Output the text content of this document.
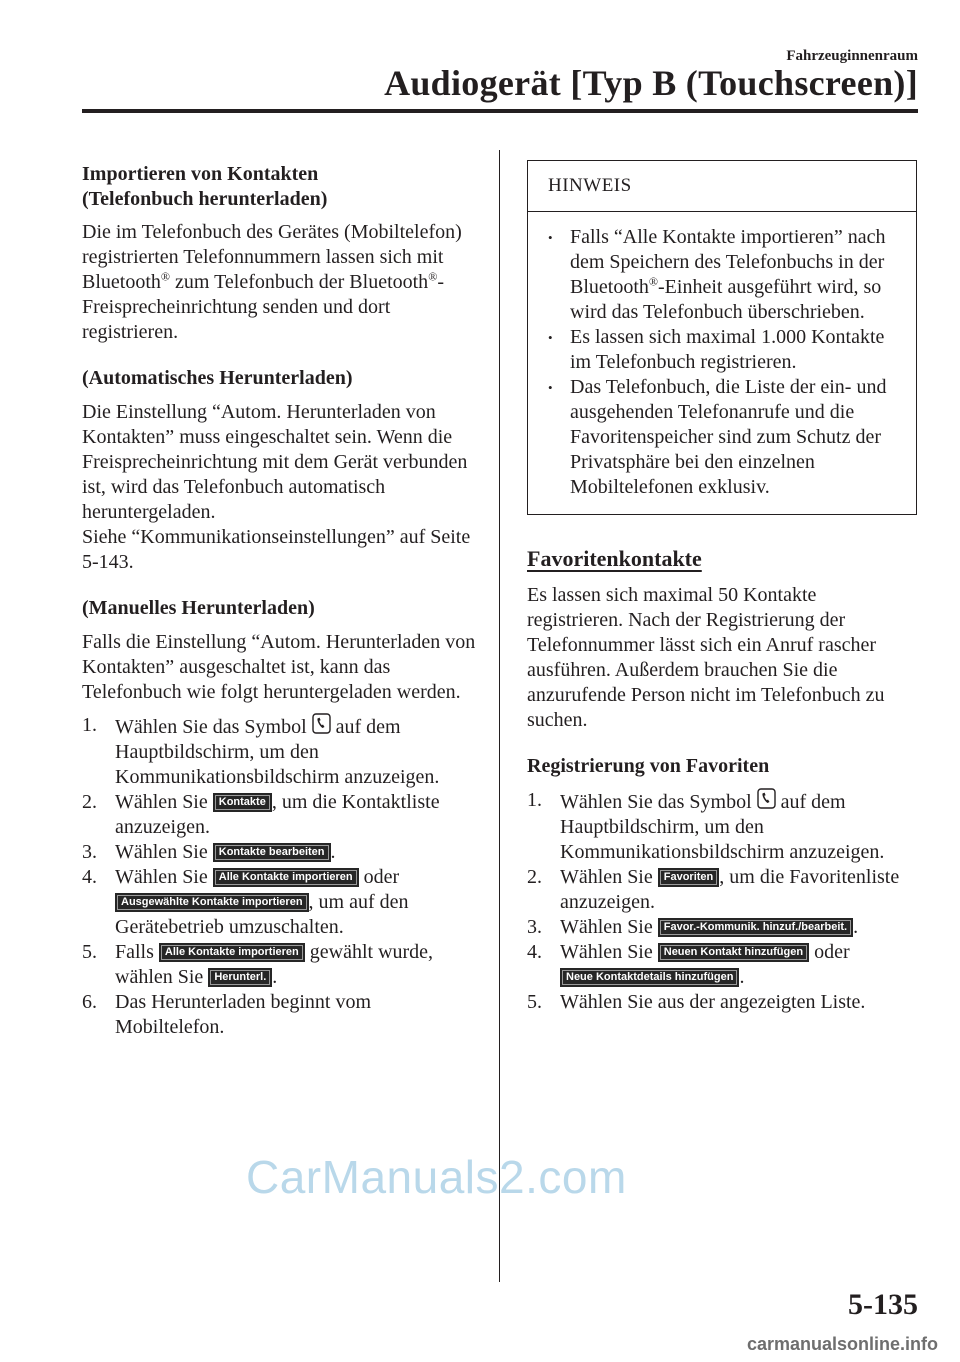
Fahrzeuginnenraum
Audiogerät [Typ B (Touchscreen)]
Importieren von Kontakten
(Telefonbuch herunterladen)

Die im Telefonbuch des Gerätes (Mobiltelefon) registrierten Telefonnummern lassen sich mit Bluetooth® zum Telefonbuch der Bluetooth®-Freisprecheinrichtung senden und dort registrieren.

(Automatisches Herunterladen)

Die Einstellung “Autom. Herunterladen von Kontakten” muss eingeschaltet sein. Wenn die Freisprecheinrichtung mit dem Gerät verbunden ist, wird das Telefonbuch automatisch heruntergeladen.

Siehe “Kommunikationseinstellungen” auf Seite 5-143.

(Manuelles Herunterladen)

Falls die Einstellung “Autom. Herunterladen von Kontakten” ausgeschaltet ist, kann das Telefonbuch wie folgt heruntergeladen werden.

1. Wählen Sie das Symbol  auf dem Hauptbildschirm, um den Kommunikationsbildschirm anzuzeigen.
2. Wählen Sie Kontakte , um die Kontaktliste anzuzeigen.
3. Wählen Sie Kontakte bearbeiten .
4. Wählen Sie Alle Kontakte importieren oder Ausgewählte Kontakte importieren , um auf den Gerätebetrieb umzuschalten.
5. Falls Alle Kontakte importieren gewählt wurde, wählen Sie Herunterl. .
6. Das Herunterladen beginnt vom Mobiltelefon.
HINWEIS
• Falls “Alle Kontakte importieren” nach dem Speichern des Telefonbuchs in der Bluetooth®-Einheit ausgeführt wird, so wird das Telefonbuch überschrieben.
• Es lassen sich maximal 1.000 Kontakte im Telefonbuch registrieren.
• Das Telefonbuch, die Liste der ein- und ausgehenden Telefonanrufe und die Favoritenspeicher sind zum Schutz der Privatsphäre bei den einzelnen Mobiltelefonen exklusiv.
Favoritenkontakte

Es lassen sich maximal 50 Kontakte registrieren. Nach der Registrierung der Telefonnummer lässt sich ein Anruf rascher ausführen. Außerdem brauchen Sie die anzurufende Person nicht im Telefonbuch zu suchen.

Registrierung von Favoriten
1. Wählen Sie das Symbol  auf dem Hauptbildschirm, um den Kommunikationsbildschirm anzuzeigen.
2. Wählen Sie Favoriten , um die Favoritenliste anzuzeigen.
3. Wählen Sie Favor.-Kommunik. hinzuf./bearbeit. .
4. Wählen Sie Neuen Kontakt hinzufügen oder Neue Kontaktdetails hinzufügen .
5. Wählen Sie aus der angezeigten Liste.
CarManuals2.com
5-135
carmanualsonline.info
